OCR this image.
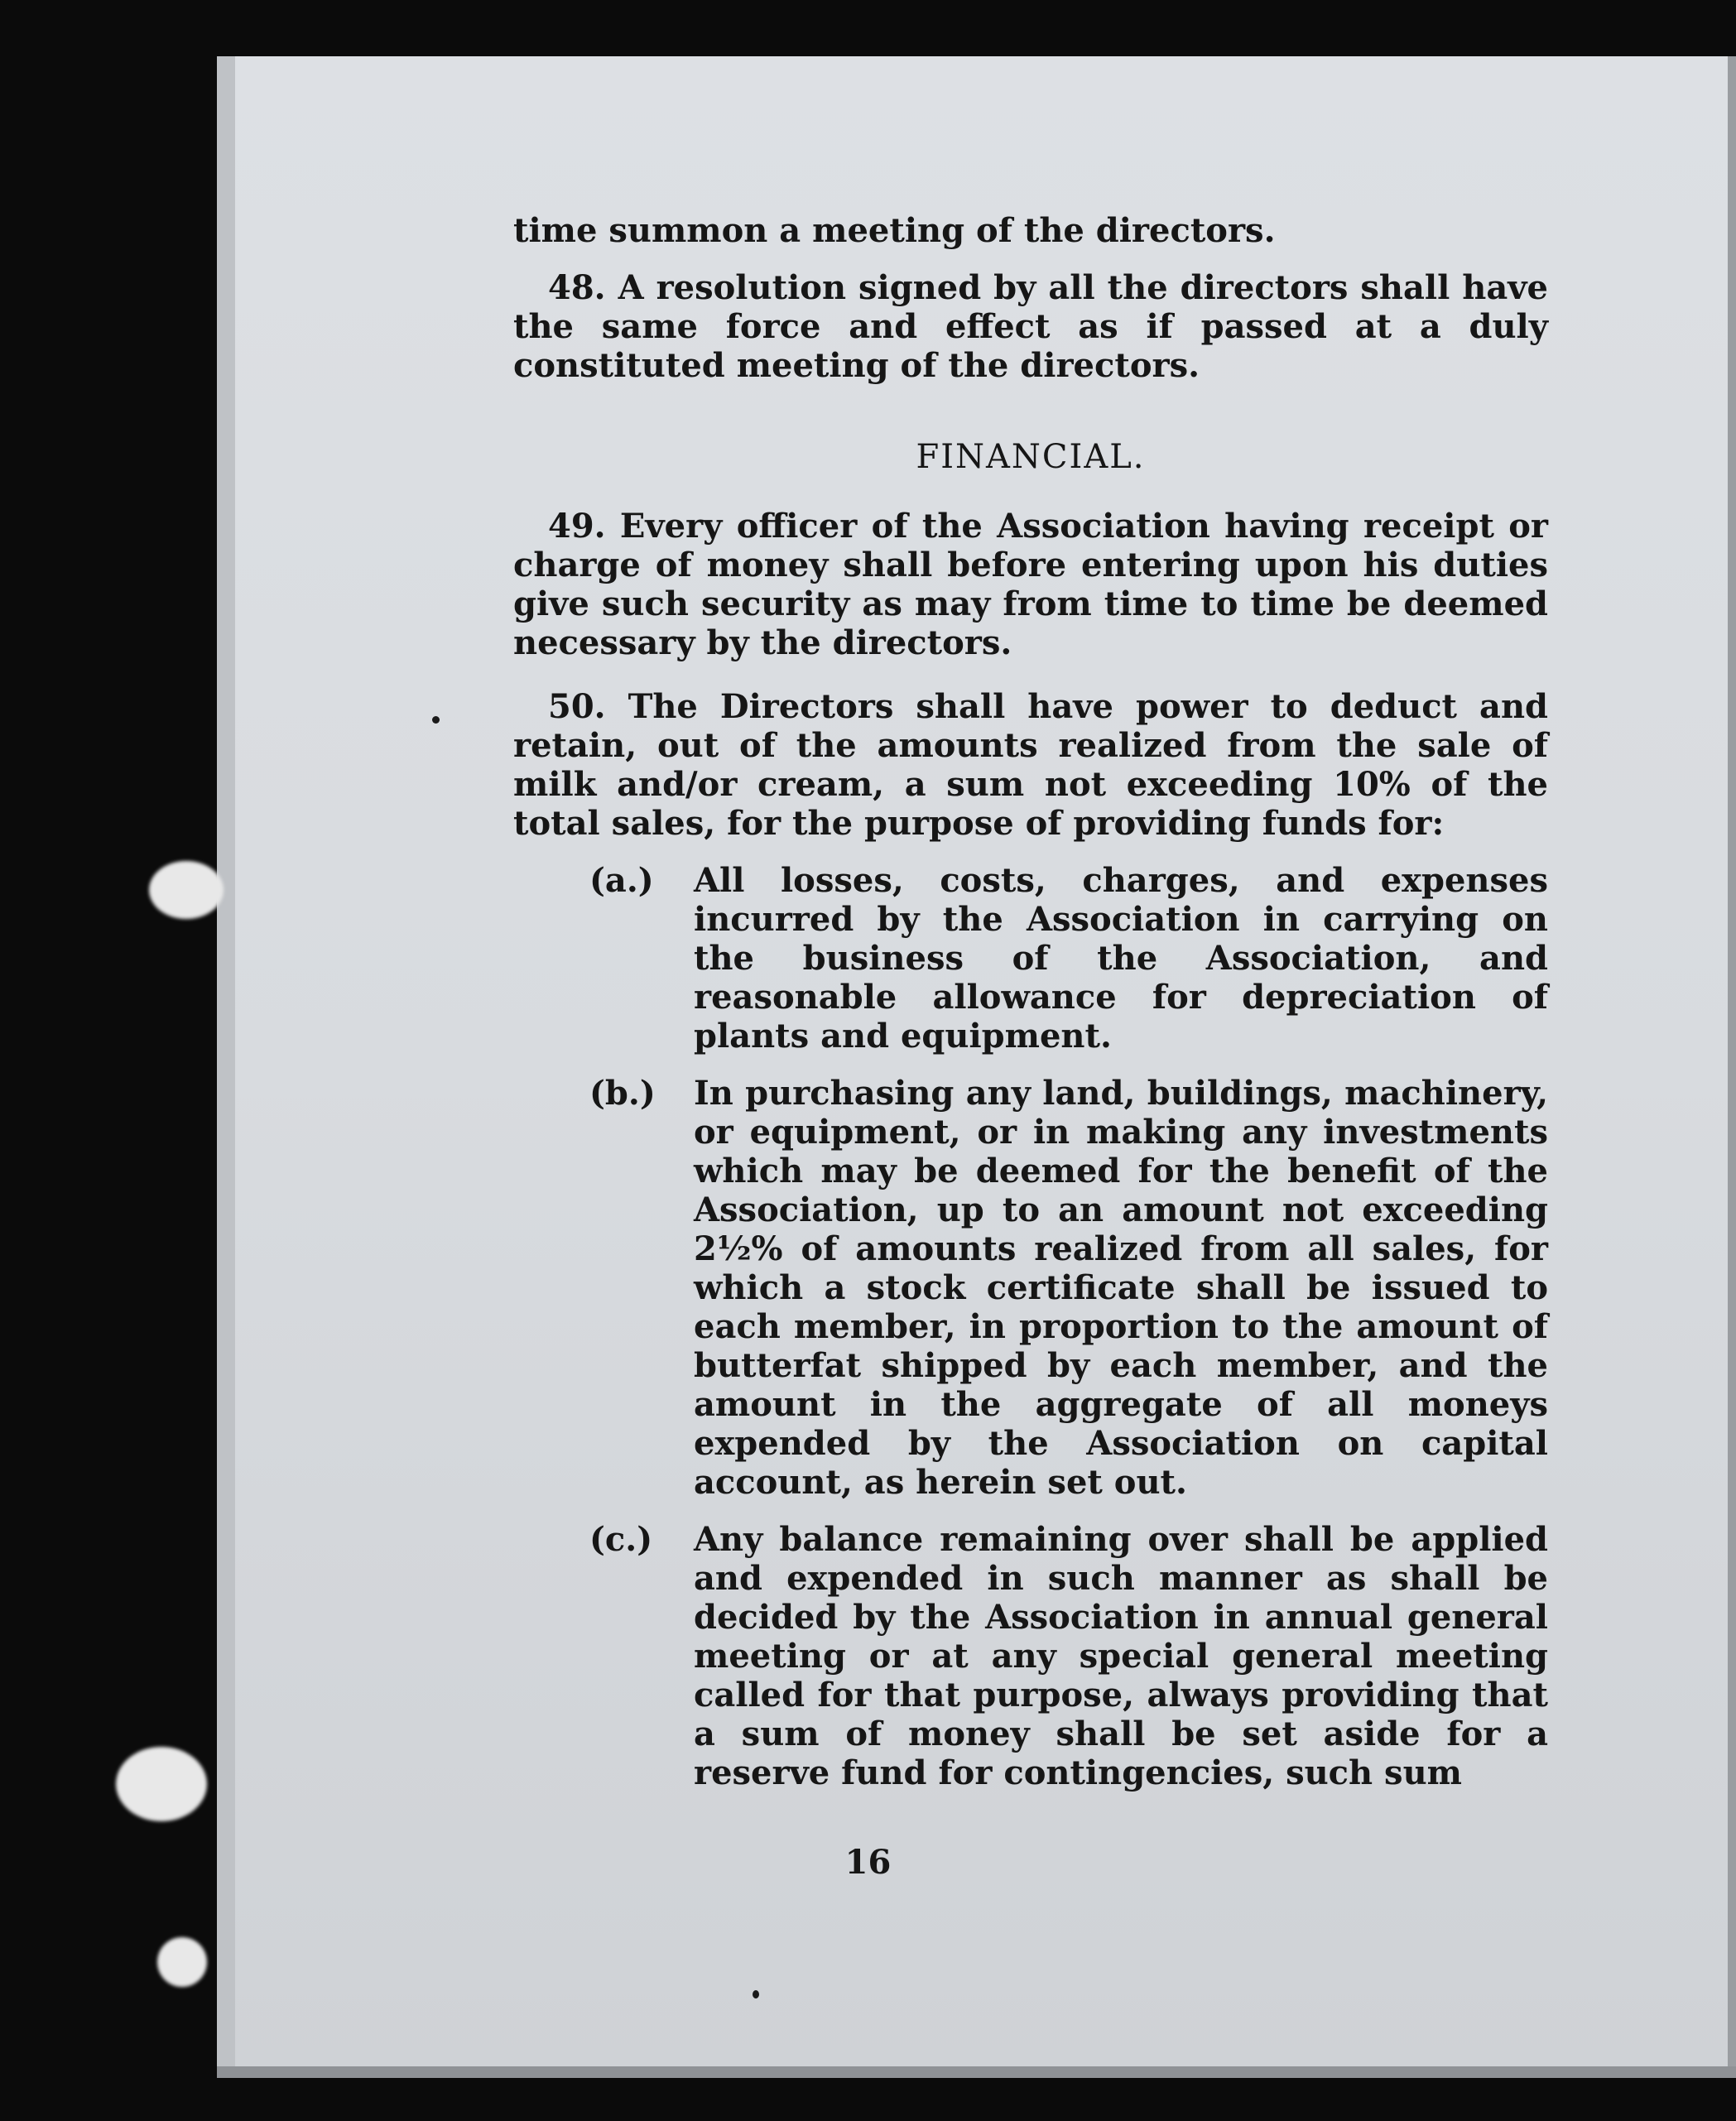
time summon a meeting of the directors.

48. A resolution signed by all the directors shall have the same force and effect as if passed at a duly constituted meeting of the directors.

FINANCIAL.

49. Every officer of the Association having receipt or charge of money shall before entering upon his duties give such security as may from time to time be deemed necessary by the directors.

50. The Directors shall have power to deduct and retain, out of the amounts realized from the sale of milk and/or cream, a sum not exceeding 10% of the total sales, for the purpose of providing funds for:

(a.)	All losses, costs, charges, and expenses incurred by the Association in carrying on the business of the Association, and reasonable allowance for depreciation of plants and equipment.
(b.)	In purchasing any land, buildings, machinery, or equipment, or in making any investments which may be deemed for the benefit of the Association, up to an amount not exceeding 2½% of amounts realized from all sales, for which a stock certificate shall be issued to each member, in proportion to the amount of butterfat shipped by each member, and the amount in the aggregate of all moneys expended by the Association on capital account, as herein set out.
(c.)	Any balance remaining over shall be applied and expended in such manner as shall be decided by the Association in annual general meeting or at any special general meeting called for that purpose, always providing that a sum of money shall be set aside for a reserve fund for contingencies, such sum
16
